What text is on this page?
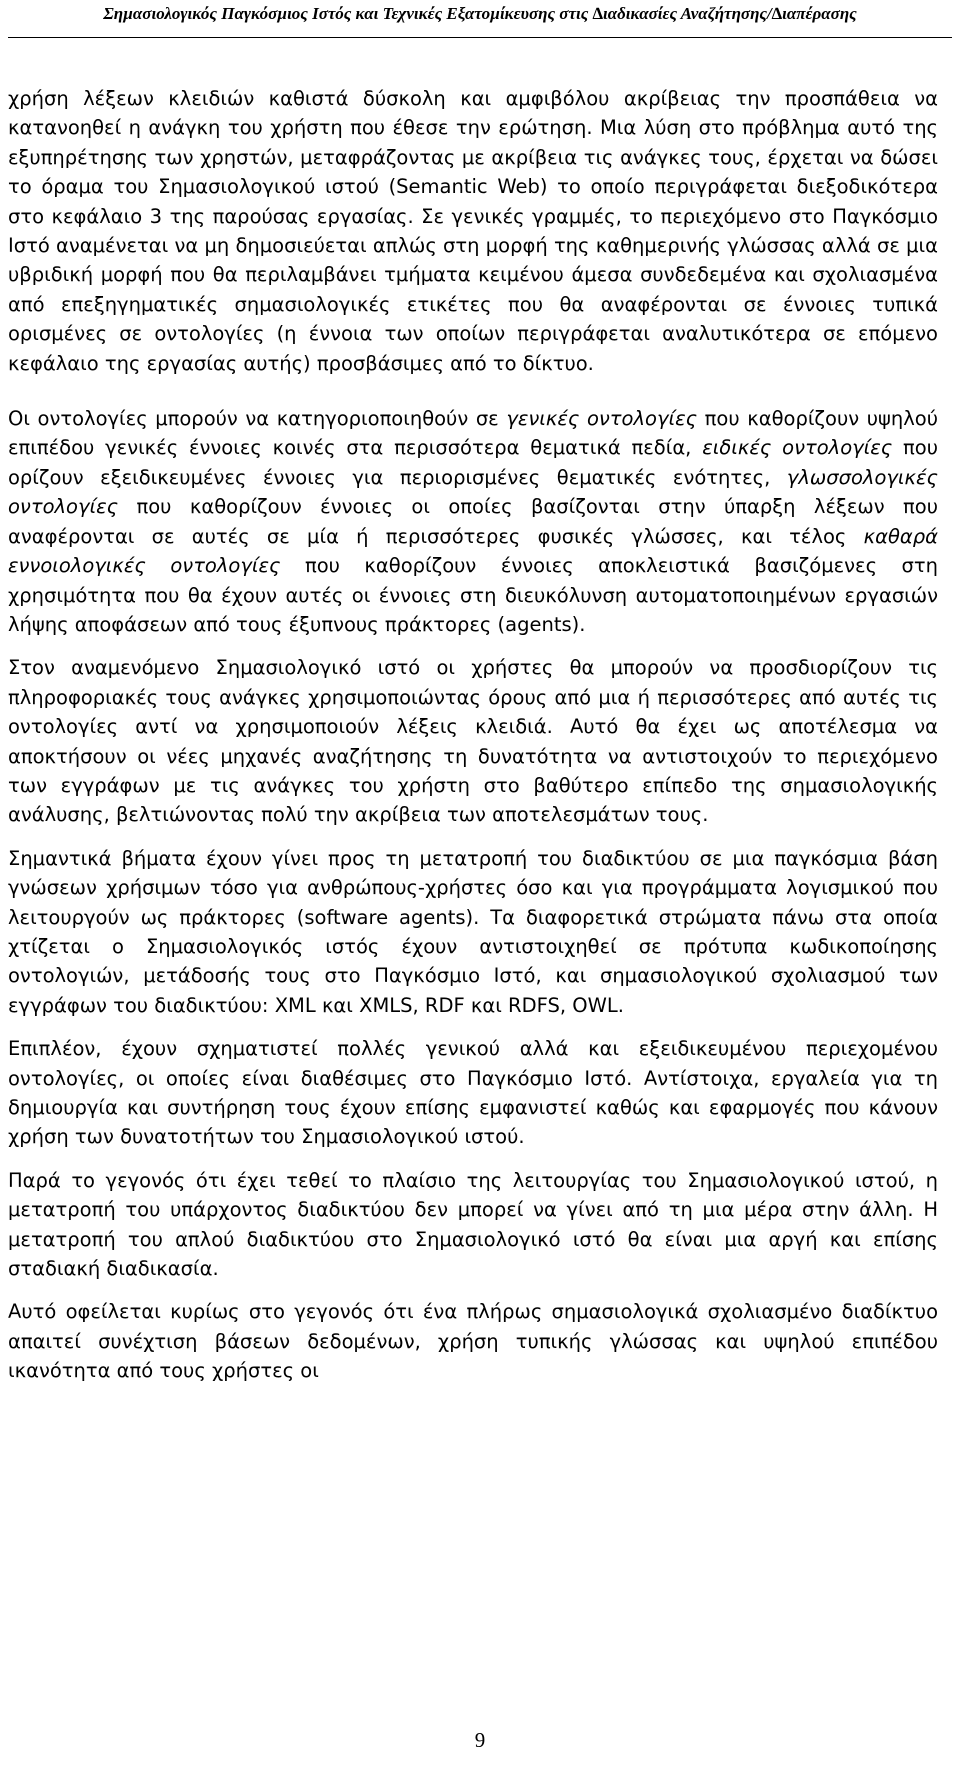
Σηµασιολογικός Παγκόσµιος Ιστός και Τεχνικές Εξατοµίκευσης στις ∆ιαδικασίες Αναζήτησης/∆ιαπέρασης

χρήση λέξεων κλειδιών καθιστά δύσκολη και αμφιβόλου ακρίβειας την προσπάθεια να κατανοηθεί η ανάγκη του χρήστη που έθεσε την ερώτηση. Μια λύση στο πρόβλημα αυτό της εξυπηρέτησης των χρηστών, μεταφράζοντας με ακρίβεια τις ανάγκες τους, έρχεται να δώσει το όραμα του Σημασιολογικού ιστού (Semantic Web) το οποίο περιγράφεται διεξοδικότερα στο κεφάλαιο 3 της παρούσας εργασίας. Σε γενικές γραμμές, το περιεχόμενο στο Παγκόσμιο Ιστό αναμένεται να μη δημοσιεύεται απλώς στη μορφή της καθημερινής γλώσσας αλλά σε μια υβριδική μορφή που θα περιλαμβάνει τμήματα κειμένου άμεσα συνδεδεμένα και σχολιασμένα από επεξηγηματικές σημασιολογικές ετικέτες που θα αναφέρονται σε έννοιες τυπικά ορισμένες σε οντολογίες (η έννοια των οποίων περιγράφεται αναλυτικότερα σε επόμενο κεφάλαιο της εργασίας αυτής) προσβάσιμες από το δίκτυο.

Οι οντολογίες μπορούν να κατηγοριοποιηθούν σε γενικές οντολογίες που καθορίζουν υψηλού επιπέδου γενικές έννοιες κοινές στα περισσότερα θεματικά πεδία, ειδικές οντολογίες που ορίζουν εξειδικευμένες έννοιες για περιορισμένες θεματικές ενότητες, γλωσσολογικές οντολογίες που καθορίζουν έννοιες οι οποίες βασίζονται στην ύπαρξη λέξεων που αναφέρονται σε αυτές σε μία ή περισσότερες φυσικές γλώσσες, και τέλος καθαρά εννοιολογικές οντολογίες που καθορίζουν έννοιες αποκλειστικά βασιζόμενες στη χρησιμότητα που θα έχουν αυτές οι έννοιες στη διευκόλυνση αυτοματοποιημένων εργασιών λήψης αποφάσεων από τους έξυπνους πράκτορες (agents).

Στον αναμενόμενο Σημασιολογικό ιστό οι χρήστες θα μπορούν να προσδιορίζουν τις πληροφοριακές τους ανάγκες χρησιμοποιώντας όρους από μια ή περισσότερες από αυτές τις οντολογίες αντί να χρησιμοποιούν λέξεις κλειδιά. Αυτό θα έχει ως αποτέλεσμα να αποκτήσουν οι νέες μηχανές αναζήτησης τη δυνατότητα να αντιστοιχούν το περιεχόμενο των εγγράφων με τις ανάγκες του χρήστη στο βαθύτερο επίπεδο της σημασιολογικής ανάλυσης, βελτιώνοντας πολύ την ακρίβεια των αποτελεσμάτων τους.

Σημαντικά βήματα έχουν γίνει προς τη μετατροπή του διαδικτύου σε μια παγκόσμια βάση γνώσεων χρήσιμων τόσο για ανθρώπους-χρήστες όσο και για προγράμματα λογισμικού που λειτουργούν ως πράκτορες (software agents). Τα διαφορετικά στρώματα πάνω στα οποία χτίζεται ο Σημασιολογικός ιστός έχουν αντιστοιχηθεί σε πρότυπα κωδικοποίησης οντολογιών, μετάδοσής τους στο Παγκόσμιο Ιστό, και σημασιολογικού σχολιασμού των εγγράφων του διαδικτύου: XML και XMLS, RDF και RDFS, OWL.

Επιπλέον, έχουν σχηματιστεί πολλές γενικού αλλά και εξειδικευμένου περιεχομένου οντολογίες, οι οποίες είναι διαθέσιμες στο Παγκόσμιο Ιστό. Αντίστοιχα, εργαλεία για τη δημιουργία και συντήρηση τους έχουν επίσης εμφανιστεί καθώς και εφαρμογές που κάνουν χρήση των δυνατοτήτων του Σημασιολογικού ιστού.

Παρά το γεγονός ότι έχει τεθεί το πλαίσιο της λειτουργίας του Σημασιολογικού ιστού, η μετατροπή του υπάρχοντος διαδικτύου δεν μπορεί να γίνει από τη μια μέρα στην άλλη. Η μετατροπή του απλού διαδικτύου στο Σημασιολογικό ιστό θα είναι μια αργή και επίσης σταδιακή διαδικασία.

Αυτό οφείλεται κυρίως στο γεγονός ότι ένα πλήρως σημασιολογικά σχολιασμένο διαδίκτυο απαιτεί συνέχτιση βάσεων δεδομένων, χρήση τυπικής γλώσσας και υψηλού επιπέδου ικανότητα από τους χρήστες οι

9
